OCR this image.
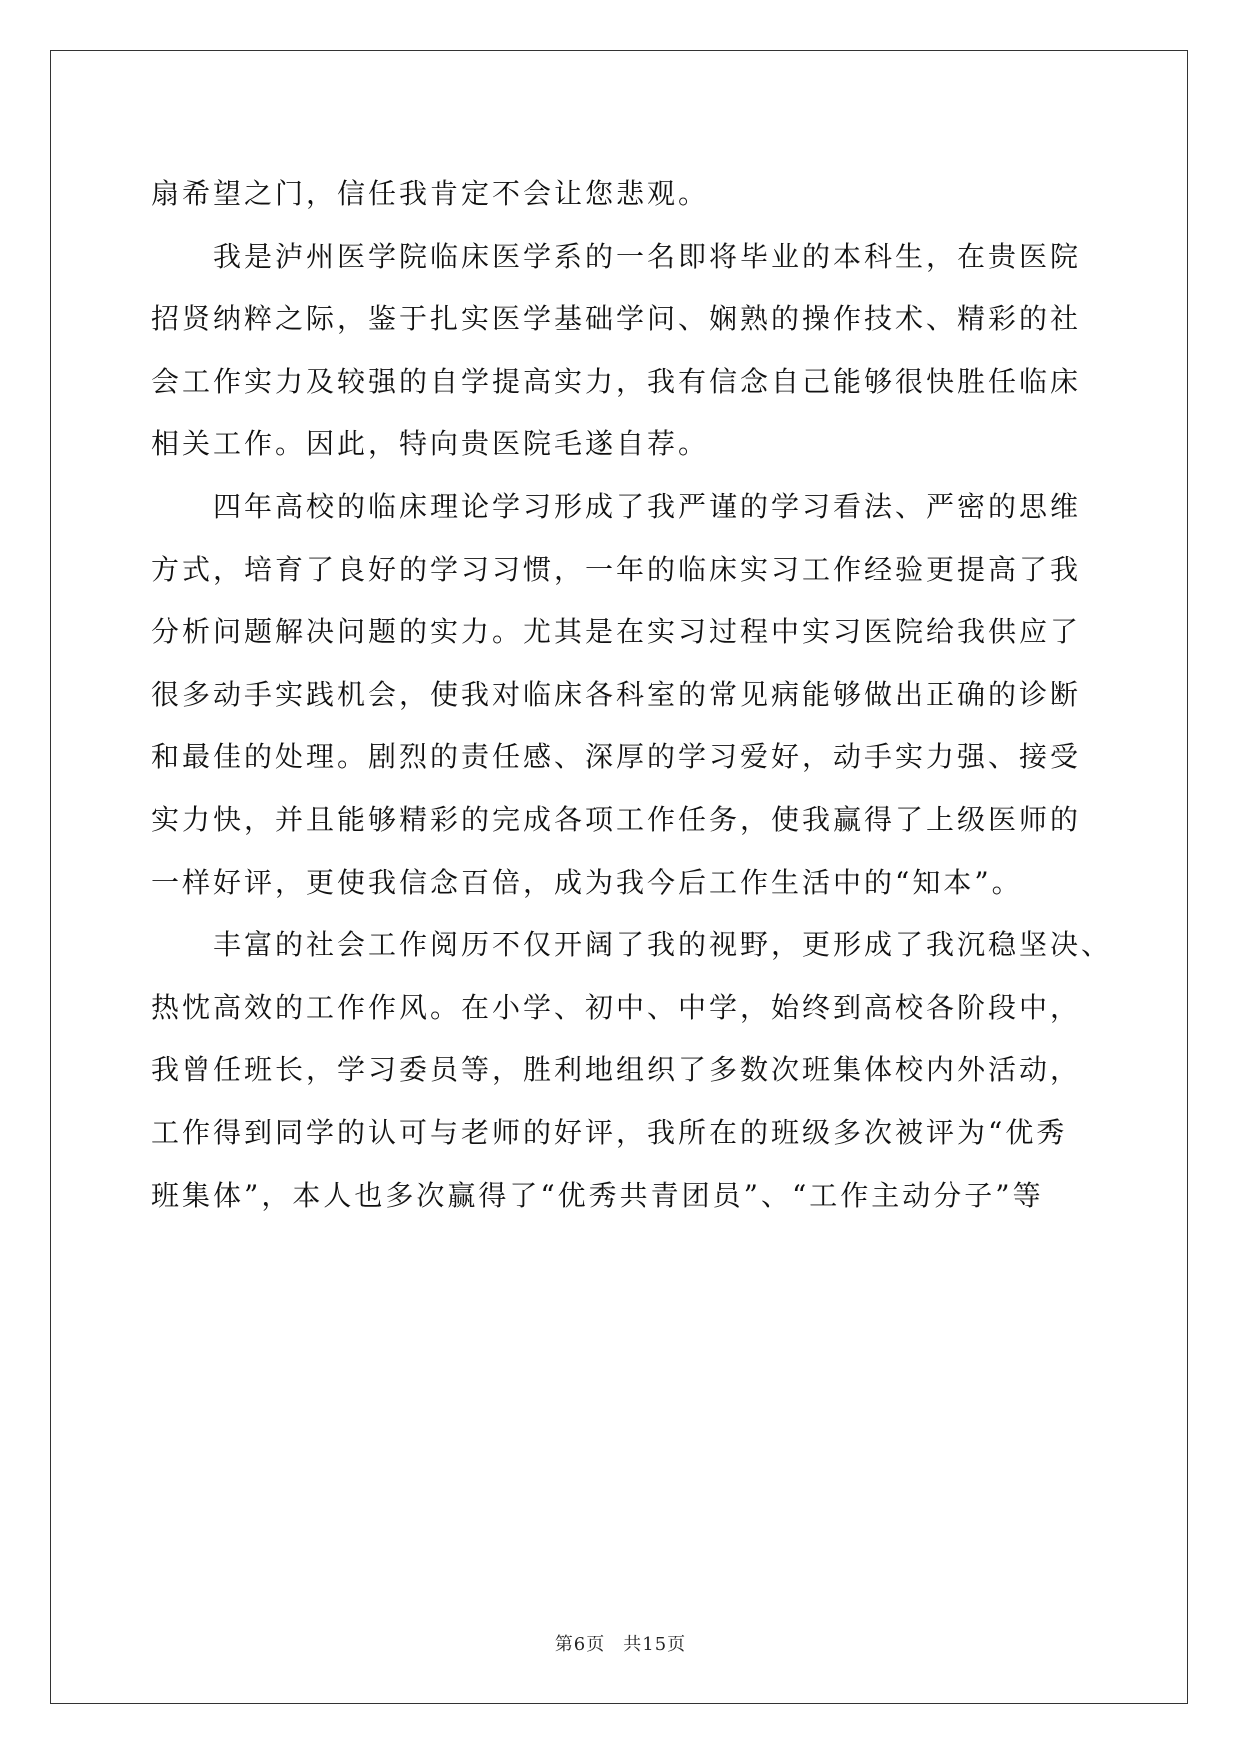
扇希望之门，信任我肯定不会让您悲观。

　　我是泸州医学院临床医学系的一名即将毕业的本科生，在贵医院

招贤纳粹之际，鉴于扎实医学基础学问、娴熟的操作技术、精彩的社

会工作实力及较强的自学提高实力，我有信念自己能够很快胜任临床

相关工作。因此，特向贵医院毛遂自荐。

　　四年高校的临床理论学习形成了我严谨的学习看法、严密的思维

方式，培育了良好的学习习惯，一年的临床实习工作经验更提高了我

分析问题解决问题的实力。尤其是在实习过程中实习医院给我供应了

很多动手实践机会，使我对临床各科室的常见病能够做出正确的诊断

和最佳的处理。剧烈的责任感、深厚的学习爱好，动手实力强、接受

实力快，并且能够精彩的完成各项工作任务，使我赢得了上级医师的

一样好评，更使我信念百倍，成为我今后工作生活中的“知本”。

　　丰富的社会工作阅历不仅开阔了我的视野，更形成了我沉稳坚决、

热忱高效的工作作风。在小学、初中、中学，始终到高校各阶段中，

我曾任班长，学习委员等，胜利地组织了多数次班集体校内外活动，

工作得到同学的认可与老师的好评，我所在的班级多次被评为“优秀

班集体”，本人也多次赢得了“优秀共青团员”、“工作主动分子”等

第6页 共15页
